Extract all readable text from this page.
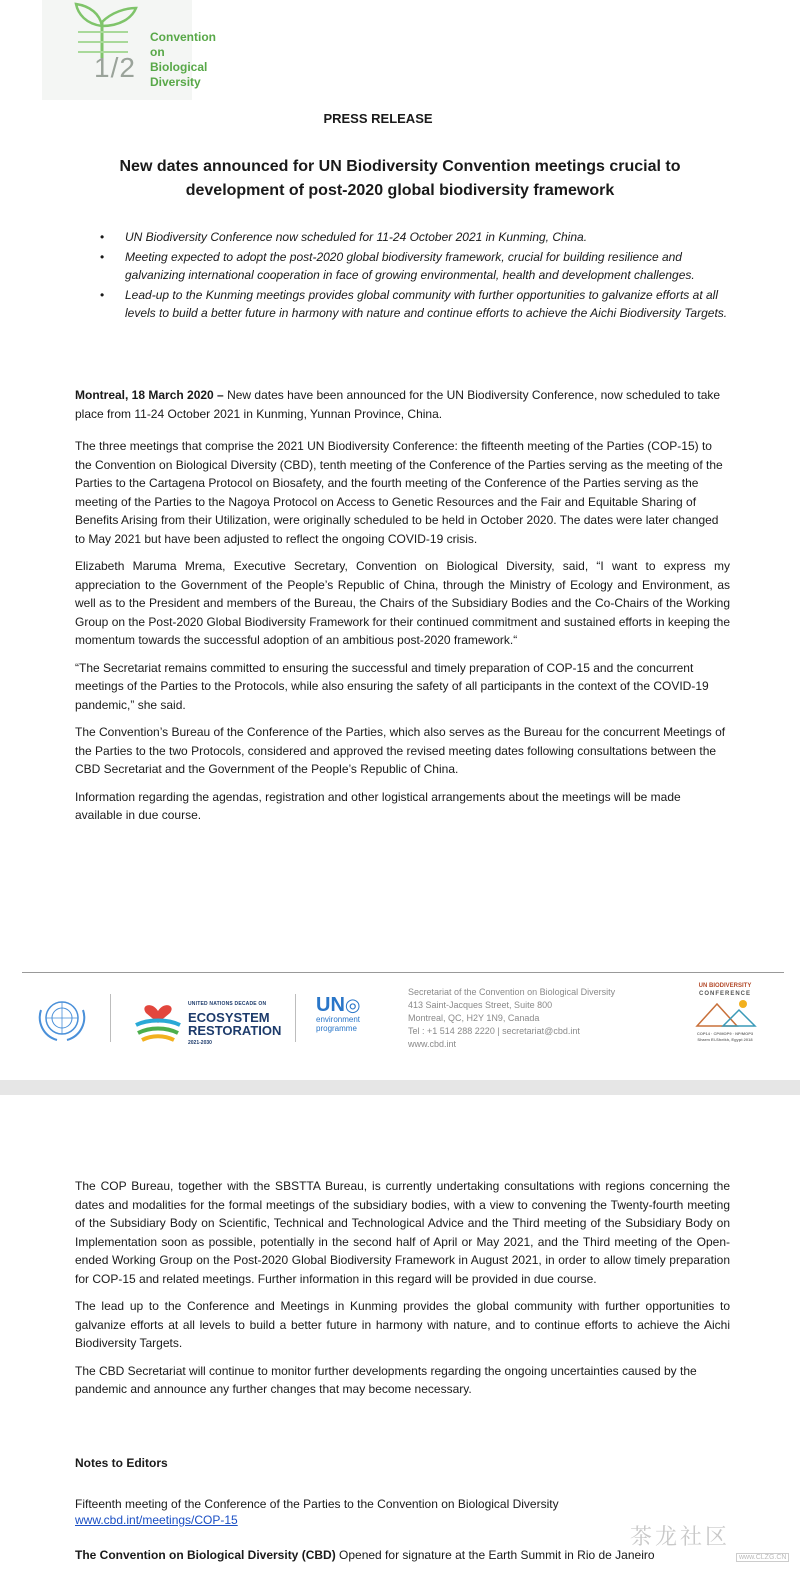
Convention on
Biological Diversity
1/2
PRESS RELEASE
New dates announced for UN Biodiversity Convention meetings crucial to development of post-2020 global biodiversity framework
• UN Biodiversity Conference now scheduled for 11-24 October 2021 in Kunming, China.
• Meeting expected to adopt the post-2020 global biodiversity framework, crucial for building resilience and galvanizing international cooperation in face of growing environmental, health and development challenges.
• Lead-up to the Kunming meetings provides global community with further opportunities to galvanize efforts at all levels to build a better future in harmony with nature and continue efforts to achieve the Aichi Biodiversity Targets.

Montreal, 18 March 2020 – New dates have been announced for the UN Biodiversity Conference, now scheduled to take place from 11-24 October 2021 in Kunming, Yunnan Province, China.

The three meetings that comprise the 2021 UN Biodiversity Conference: the fifteenth meeting of the Parties (COP-15) to the Convention on Biological Diversity (CBD), tenth meeting of the Conference of the Parties serving as the meeting of the Parties to the Cartagena Protocol on Biosafety, and the fourth meeting of the Conference of the Parties serving as the meeting of the Parties to the Nagoya Protocol on Access to Genetic Resources and the Fair and Equitable Sharing of Benefits Arising from their Utilization, were originally scheduled to be held in October 2020. The dates were later changed to May 2021 but have been adjusted to reflect the ongoing COVID-19 crisis.

Elizabeth Maruma Mrema, Executive Secretary, Convention on Biological Diversity, said, “I want to express my appreciation to the Government of the People’s Republic of China, through the Ministry of Ecology and Environment, as well as to the President and members of the Bureau, the Chairs of the Subsidiary Bodies and the Co-Chairs of the Working Group on the Post-2020 Global Biodiversity Framework for their continued commitment and sustained efforts in keeping the momentum towards the successful adoption of an ambitious post-2020 framework.“

“The Secretariat remains committed to ensuring the successful and timely preparation of COP-15 and the concurrent meetings of the Parties to the Protocols, while also ensuring the safety of all participants in the context of the COVID-19 pandemic,” she said.

The Convention’s Bureau of the Conference of the Parties, which also serves as the Bureau for the concurrent Meetings of the Parties to the two Protocols, considered and approved the revised meeting dates following consultations between the CBD Secretariat and the Government of the People’s Republic of China.

Information regarding the agendas, registration and other logistical arrangements about the meetings will be made available in due course.

UNITED NATIONS DECADE ON
ECOSYSTEM
RESTORATION
2021-2030
UN◎
environment
programme
Secretariat of the Convention on Biological Diversity
413 Saint-Jacques Street, Suite 800
Montreal, QC, H2Y 1N9, Canada
Tel : +1 514 288 2220 | secretariat@cbd.int
www.cbd.int
UN BIODIVERSITY
CONFERENCE
COP14 · CP/MOP9 · NP/MOP3
Sharm El-Sheikh, Egypt 2018

The COP Bureau, together with the SBSTTA Bureau, is currently undertaking consultations with regions concerning the dates and modalities for the formal meetings of the subsidiary bodies, with a view to convening the Twenty-fourth meeting of the Subsidiary Body on Scientific, Technical and Technological Advice and the Third meeting of the Subsidiary Body on Implementation soon as possible, potentially in the second half of April or May 2021, and the Third meeting of the Open-ended Working Group on the Post-2020 Global Biodiversity Framework in August 2021, in order to allow timely preparation for COP-15 and related meetings. Further information in this regard will be provided in due course.

The lead up to the Conference and Meetings in Kunming provides the global community with further opportunities to galvanize efforts at all levels to build a better future in harmony with nature, and to continue efforts to achieve the Aichi Biodiversity Targets.

The CBD Secretariat will continue to monitor further developments regarding the ongoing uncertainties caused by the pandemic and announce any further changes that may become necessary.

Notes to Editors
Fifteenth meeting of the Conference of the Parties to the Convention on Biological Diversity
www.cbd.int/meetings/COP-15
The Convention on Biological Diversity (CBD) Opened for signature at the Earth Summit in Rio de Janeiro
茶龙社区
www.CLZG.CN
